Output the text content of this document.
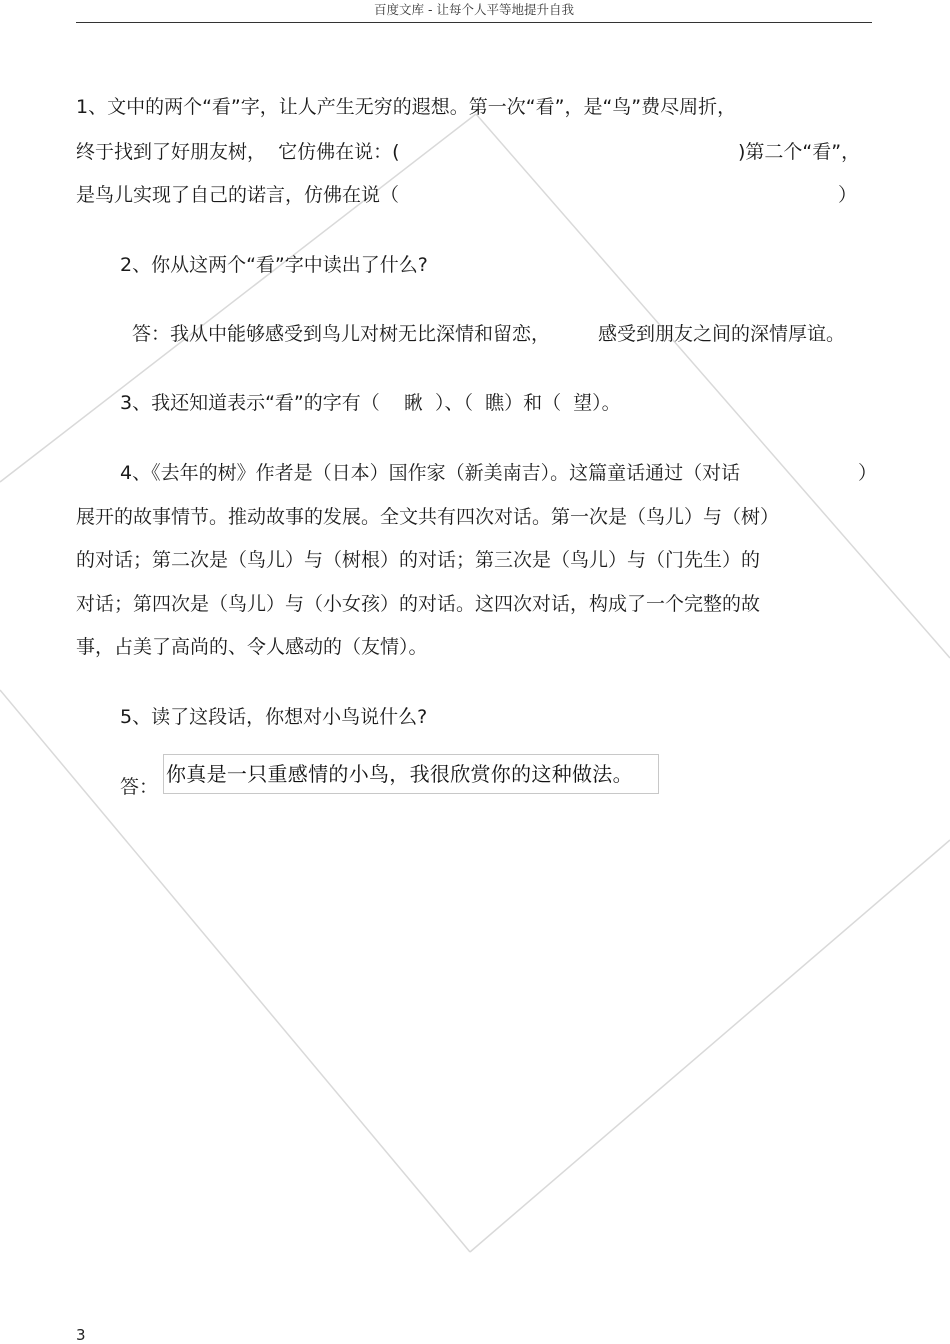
百度文库 - 让每个人平等地提升自我
1、文中的两个“看”字，让人产生无穷的遐想。第一次“看”，是“鸟”费尽周折，
终于找到了好朋友树，  它仿佛在说：(	)第二个“看”，
是鸟儿实现了自己的诺言，仿佛在说（	）
2、你从这两个“看”字中读出了什么?
答：我从中能够感受到鸟儿对树无比深情和留恋，	感受到朋友之间的深情厚谊。
3、我还知道表示“看”的字有（    瞅  ）、（  瞧）和（  望）。
4、《去年的树》作者是（日本）国作家（新美南吉）。这篇童话通过（对话	）
展开的故事情节。推动故事的发展。全文共有四次对话。第一次是（鸟儿）与（树）
的对话；第二次是（鸟儿）与（树根）的对话；第三次是（鸟儿）与（门先生）的
对话；第四次是（鸟儿）与（小女孩）的对话。这四次对话，构成了一个完整的故
事，占美了高尚的、令人感动的（友情）。
5、读了这段话，你想对小鸟说什么?
答：
你真是一只重感情的小鸟，我很欣赏你的这种做法。
3
